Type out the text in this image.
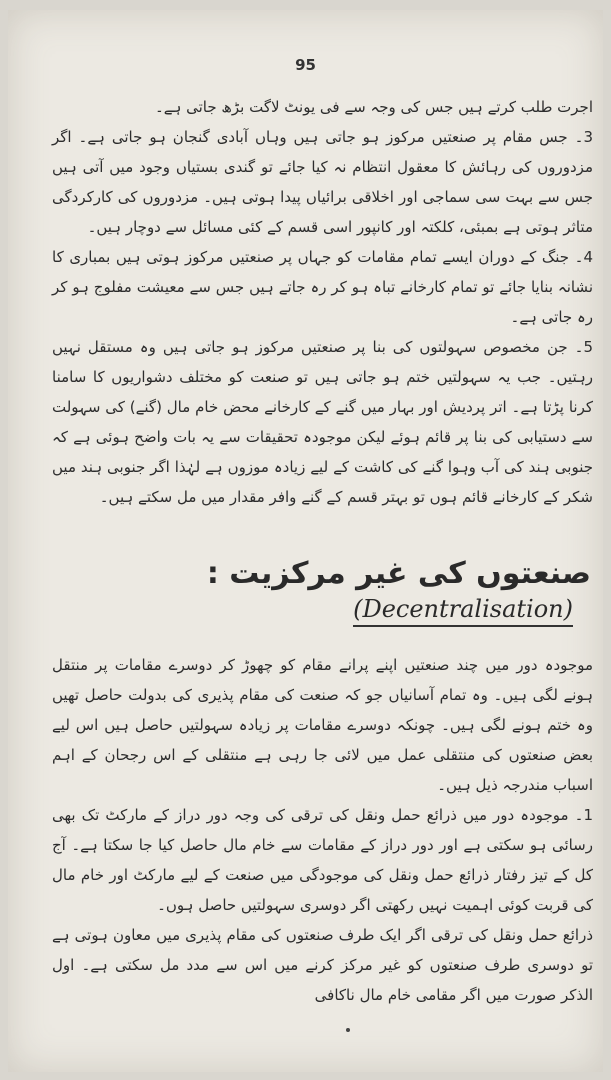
95

اجرت طلب کرتے ہیں جس کی وجہ سے فی یونٹ لاگت بڑھ جاتی ہے۔

3۔ جس مقام پر صنعتیں مرکوز ہو جاتی ہیں وہاں آبادی گنجان ہو جاتی ہے۔ اگر مزدوروں کی رہائش کا معقول انتظام نہ کیا جائے تو گندی بستیاں وجود میں آتی ہیں جس سے بہت سی سماجی اور اخلاقی برائیاں پیدا ہوتی ہیں۔ مزدوروں کی کارکردگی متاثر ہوتی ہے بمبئی، کلکتہ اور کانپور اسی قسم کے کئی مسائل سے دوچار ہیں۔

4۔ جنگ کے دوران ایسے تمام مقامات کو جہاں پر صنعتیں مرکوز ہوتی ہیں بمباری کا نشانہ بنایا جائے تو تمام کارخانے تباہ ہو کر رہ جاتے ہیں جس سے معیشت مفلوج ہو کر رہ جاتی ہے۔

5۔ جن مخصوص سہولتوں کی بنا پر صنعتیں مرکوز ہو جاتی ہیں وہ مستقل نہیں رہتیں۔ جب یہ سہولتیں ختم ہو جاتی ہیں تو صنعت کو مختلف دشواریوں کا سامنا کرنا پڑتا ہے۔ اتر پردیش اور بہار میں گنے کے کارخانے محض خام مال (گنے) کی سہولت سے دستیابی کی بنا پر قائم ہوئے لیکن موجودہ تحقیقات سے یہ بات واضح ہوئی ہے کہ جنوبی ہند کی آب وہوا گنے کی کاشت کے لیے زیادہ موزوں ہے لہٰذا اگر جنوبی ہند میں شکر کے کارخانے قائم ہوں تو بہتر قسم کے گنے وافر مقدار میں مل سکتے ہیں۔

صنعتوں کی غیر مرکزیت :
(Decentralisation)

موجودہ دور میں چند صنعتیں اپنے پرانے مقام کو چھوڑ کر دوسرے مقامات پر منتقل ہونے لگی ہیں۔ وہ تمام آسانیاں جو کہ صنعت کی مقام پذیری کی بدولت حاصل تھیں وہ ختم ہونے لگی ہیں۔ چونکہ دوسرے مقامات پر زیادہ سہولتیں حاصل ہیں اس لیے بعض صنعتوں کی منتقلی عمل میں لائی جا رہی ہے منتقلی کے اس رجحان کے اہم اسباب مندرجہ ذیل ہیں۔

1۔ موجودہ دور میں ذرائع حمل ونقل کی ترقی کی وجہ دور دراز کے مارکٹ تک بھی رسائی ہو سکتی ہے اور دور دراز کے مقامات سے خام مال حاصل کیا جا سکتا ہے۔ آج کل کے تیز رفتار ذرائع حمل ونقل کی موجودگی میں صنعت کے لیے مارکٹ اور خام مال کی قربت کوئی اہمیت نہیں رکھتی اگر دوسری سہولتیں حاصل ہوں۔

ذرائع حمل ونقل کی ترقی اگر ایک طرف صنعتوں کی مقام پذیری میں معاون ہوتی ہے تو دوسری طرف صنعتوں کو غیر مرکز کرنے میں اس سے مدد مل سکتی ہے۔ اول الذکر صورت میں اگر مقامی خام مال ناکافی
